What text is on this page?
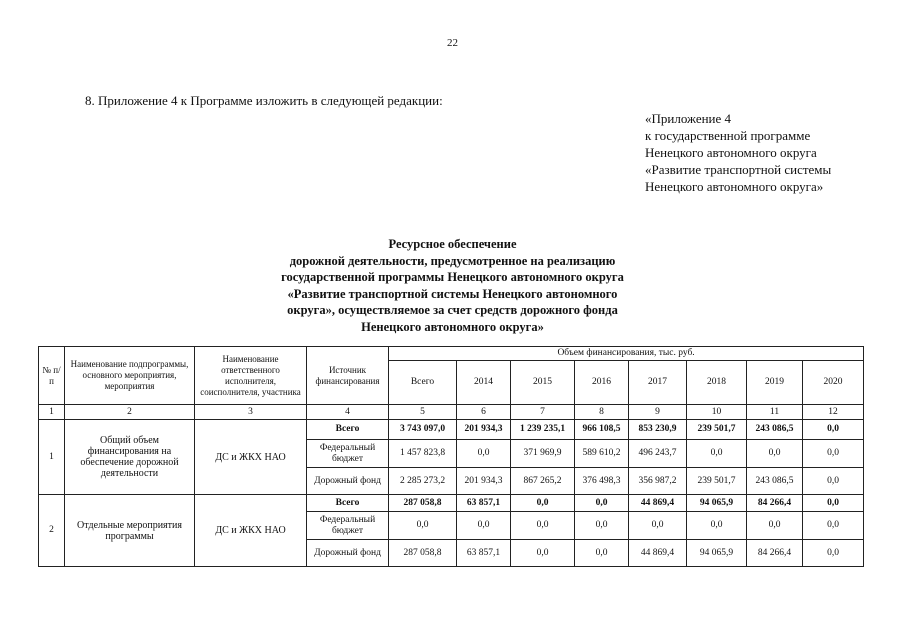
22
8. Приложение 4 к Программе изложить в следующей редакции:
«Приложение 4
к государственной программе
Ненецкого автономного округа
«Развитие транспортной системы
Ненецкого автономного округа»
Ресурсное обеспечение
дорожной деятельности, предусмотренное на реализацию
государственной программы Ненецкого автономного округа
«Развитие транспортной системы Ненецкого автономного
округа», осуществляемое за счет средств дорожного фонда
Ненецкого автономного округа»
№ п/п	Наименование подпрограммы, основного мероприятия, мероприятия	Наименование ответственного исполнителя, соисполнителя, участника	Источник финансирования	Объем финансирования, тыс. руб.							
				Всего	2014	2015	2016	2017	2018	2019	2020
1	2	3	4	5	6	7	8	9	10	11	12
1	Общий объем финансирования на обеспечение дорожной деятельности	ДС и ЖКХ НАО	Всего	3 743 097,0	201 934,3	1 239 235,1	966 108,5	853 230,9	239 501,7	243 086,5	0,0
			Федеральный бюджет	1 457 823,8	0,0	371 969,9	589 610,2	496 243,7	0,0	0,0	0,0
			Дорожный фонд	2 285 273,2	201 934,3	867 265,2	376 498,3	356 987,2	239 501,7	243 086,5	0,0
2	Отдельные мероприятия программы	ДС и ЖКХ НАО	Всего	287 058,8	63 857,1	0,0	0,0	44 869,4	94 065,9	84 266,4	0,0
			Федеральный бюджет	0,0	0,0	0,0	0,0	0,0	0,0	0,0	0,0
			Дорожный фонд	287 058,8	63 857,1	0,0	0,0	44 869,4	94 065,9	84 266,4	0,0
